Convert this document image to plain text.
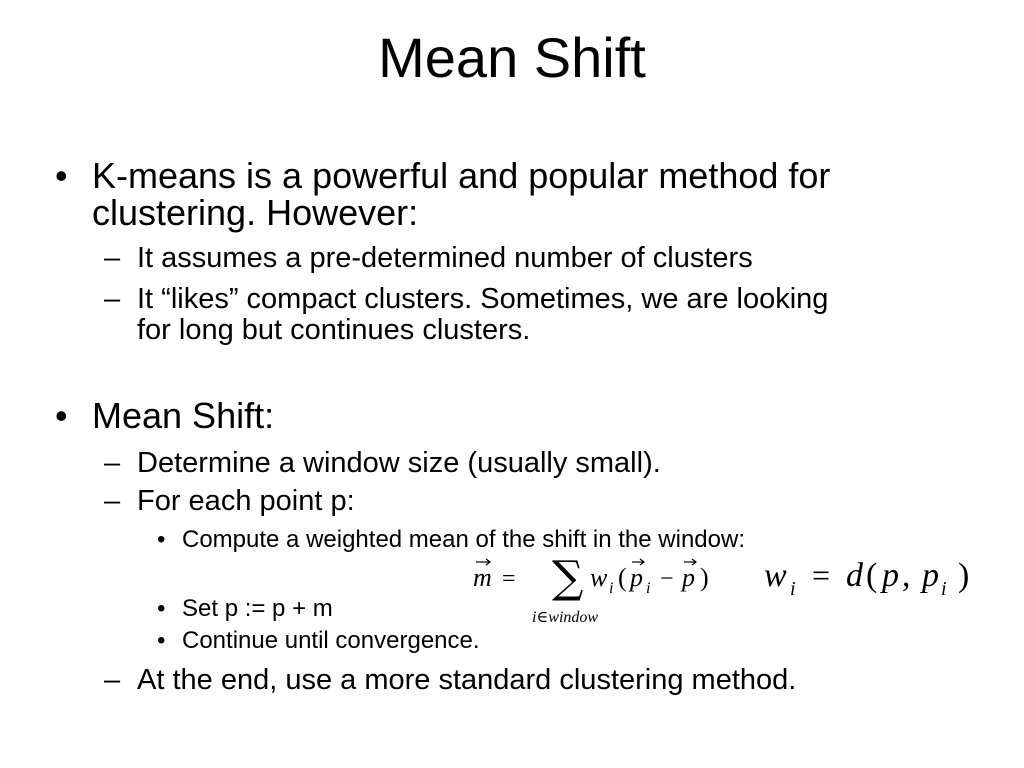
Mean Shift
• K-means is a powerful and popular method for
clustering. However:
– It assumes a pre-determined number of clusters
– It “likes” compact clusters. Sometimes, we are looking
for long but continues clusters.
• Mean Shift:
– Determine a window size (usually small).
– For each point p:
• Compute a weighted mean of the shift in the window:
• Set p := p + m
• Continue until convergence.
– At the end, use a more standard clustering method.
m = ∑
i∈window
w i ( p i − p ) w i = d ( p , p i )
